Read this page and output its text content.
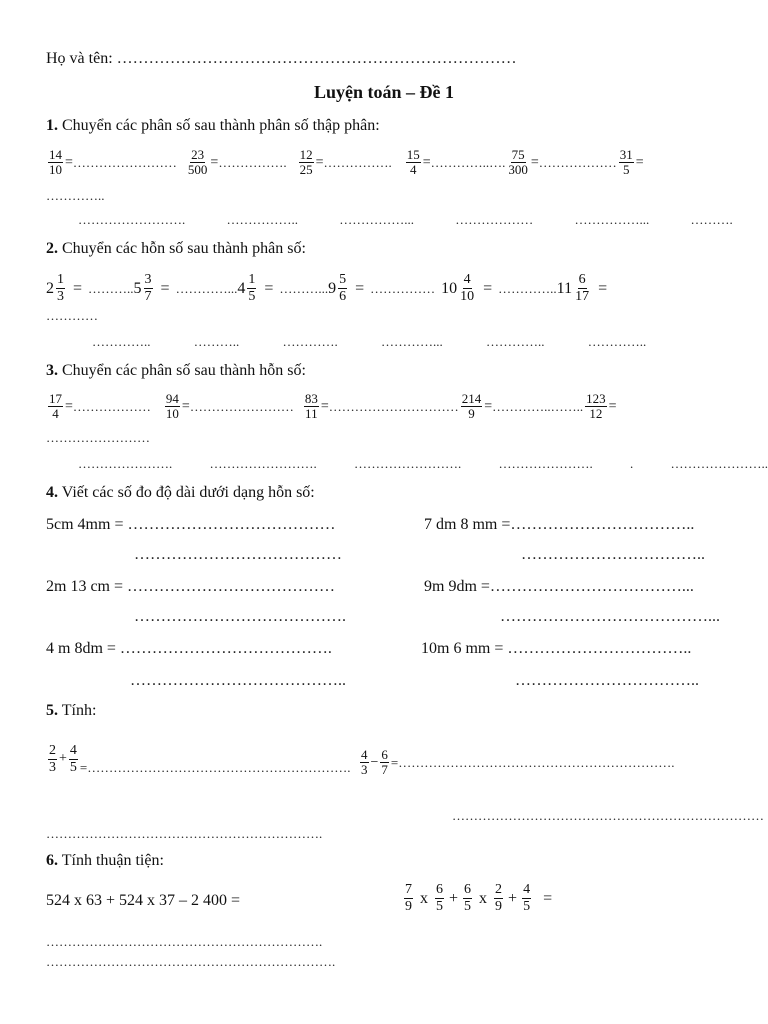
Họ và tên: …………………………………………………………………
Luyện toán – Đề 1
1. Chuyển các phân số sau thành phân số thập phân:
$\frac{14}{10}$ = …………………… $\frac{23}{500}$ = ……………. $\frac{12}{25}$ = ……………. $\frac{15}{4}$ = …………..…. $\frac{75}{300}$ = ……………… $\frac{31}{5}$ =
…………..
……………………. …………….. ……………... ……………… ……………... ……….
2. Chuyển các hỗn số sau thành phân số:
$2 \frac{1}{3}$ = ……….. $5 \frac{3}{7}$ = …………... $4 \frac{1}{5}$ = ………... $9 \frac{5}{6}$ = …………… $10 \frac{4}{10}$ = ………….. $11 \frac{6}{17}$ =
…………
………….. ……….. …………. …………... ………….. …………..
3. Chuyển các phân số sau thành hỗn số:
$\frac{17}{4}$ = ……………… $\frac{94}{10}$ = …………………… $\frac{83}{11}$ = ………………………… $\frac{214}{9}$ = …………..…….. $\frac{123}{12}$ =
……………………
…………………. ……………………. ……………………. …………………. . …………………..
4. Viết các số đo độ dài dưới dạng hỗn số:
5cm 4mm = …………………………………	7 dm 8 mm =……………………………..
…………………………………	……………………………..
2m 13 cm = …………………………………	9m 9dm =………………………………...
………………………………….	…………………………………...
4 m 8dm = ………………………………….	10m 6 mm = ……………………………..
…………………………………..	……………………………..
5. Tính:
$\frac{2}{3} + \frac{4}{5}$ = ……………………………………………………. $\frac{4}{3} - \frac{6}{7}$ = ……………………………………………………….
………………………………………………………………
……………………………………………………….
6. Tính thuận tiện:
524 x 63 + 524 x 37 – 2 400 =	$\frac{7}{9}$ x $\frac{6}{5} + \frac{6}{5}$ x $\frac{2}{9} + \frac{4}{5}$ =
……………………………………………………….
………………………………………………………….
